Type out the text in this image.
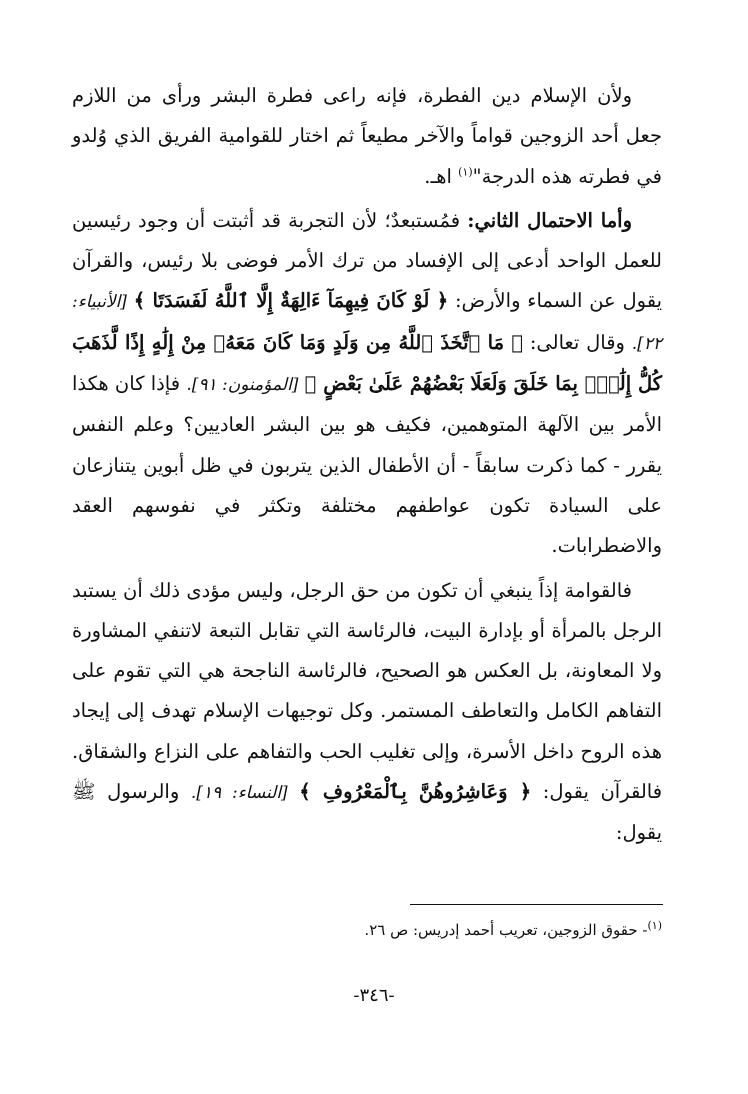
ولأن الإسلام دين الفطرة، فإنه راعى فطرة البشر ورأى من اللازم جعل أحد الزوجين قواماً والآخر مطيعاً ثم اختار للقوامية الفريق الذي وُلدو في فطرته هذه الدرجة"$^{(١)}$ اهـ.

وأما الاحتمال الثاني: فمُستبعدٌ؛ لأن التجربة قد أثبتت أن وجود رئيسين للعمل الواحد أدعى إلى الإفساد من ترك الأمر فوضى بلا رئيس، والقرآن يقول عن السماء والأرض: ﴿ لَوْ كَانَ فِيهِمَآ ءَالِهَةٌ إِلَّا ٱللَّهُ لَفَسَدَتَا ﴾ [الأنبياء: ٢٢]. وقال تعالى: ﴿ مَا ٱتَّخَذَ ٱللَّهُ مِن وَلَدٍ وَمَا كَانَ مَعَهُۥ مِنْ إِلَٰهٍ إِذًا لَّذَهَبَ كُلُّ إِلَٰهٍۭ بِمَا خَلَقَ وَلَعَلَا بَعْضُهُمْ عَلَىٰ بَعْضٍ ﴾ [المؤمنون: ٩١]. فإذا كان هكذا الأمر بين الآلهة المتوهمين، فكيف هو بين البشر العاديين؟ وعلم النفس يقرر - كما ذكرت سابقاً - أن الأطفال الذين يتربون في ظل أبوين يتنازعان على السيادة تكون عواطفهم مختلفة وتكثر في نفوسهم العقد والاضطرابات.

فالقوامة إذاً ينبغي أن تكون من حق الرجل، وليس مؤدى ذلك أن يستبد الرجل بالمرأة أو بإدارة البيت، فالرئاسة التي تقابل التبعة لاتنفي المشاورة ولا المعاونة، بل العكس هو الصحيح، فالرئاسة الناجحة هي التي تقوم على التفاهم الكامل والتعاطف المستمر. وكل توجيهات الإسلام تهدف إلى إيجاد هذه الروح داخل الأسرة، وإلى تغليب الحب والتفاهم على النزاع والشقاق. فالقرآن يقول: ﴿ وَعَاشِرُوهُنَّ بِٱلْمَعْرُوفِ ﴾ [النساء: ١٩]. والرسول ﷺ يقول:

$^{(١)}$- حقوق الزوجين، تعريب أحمد إدريس: ص ٢٦.
-٣٤٦-
